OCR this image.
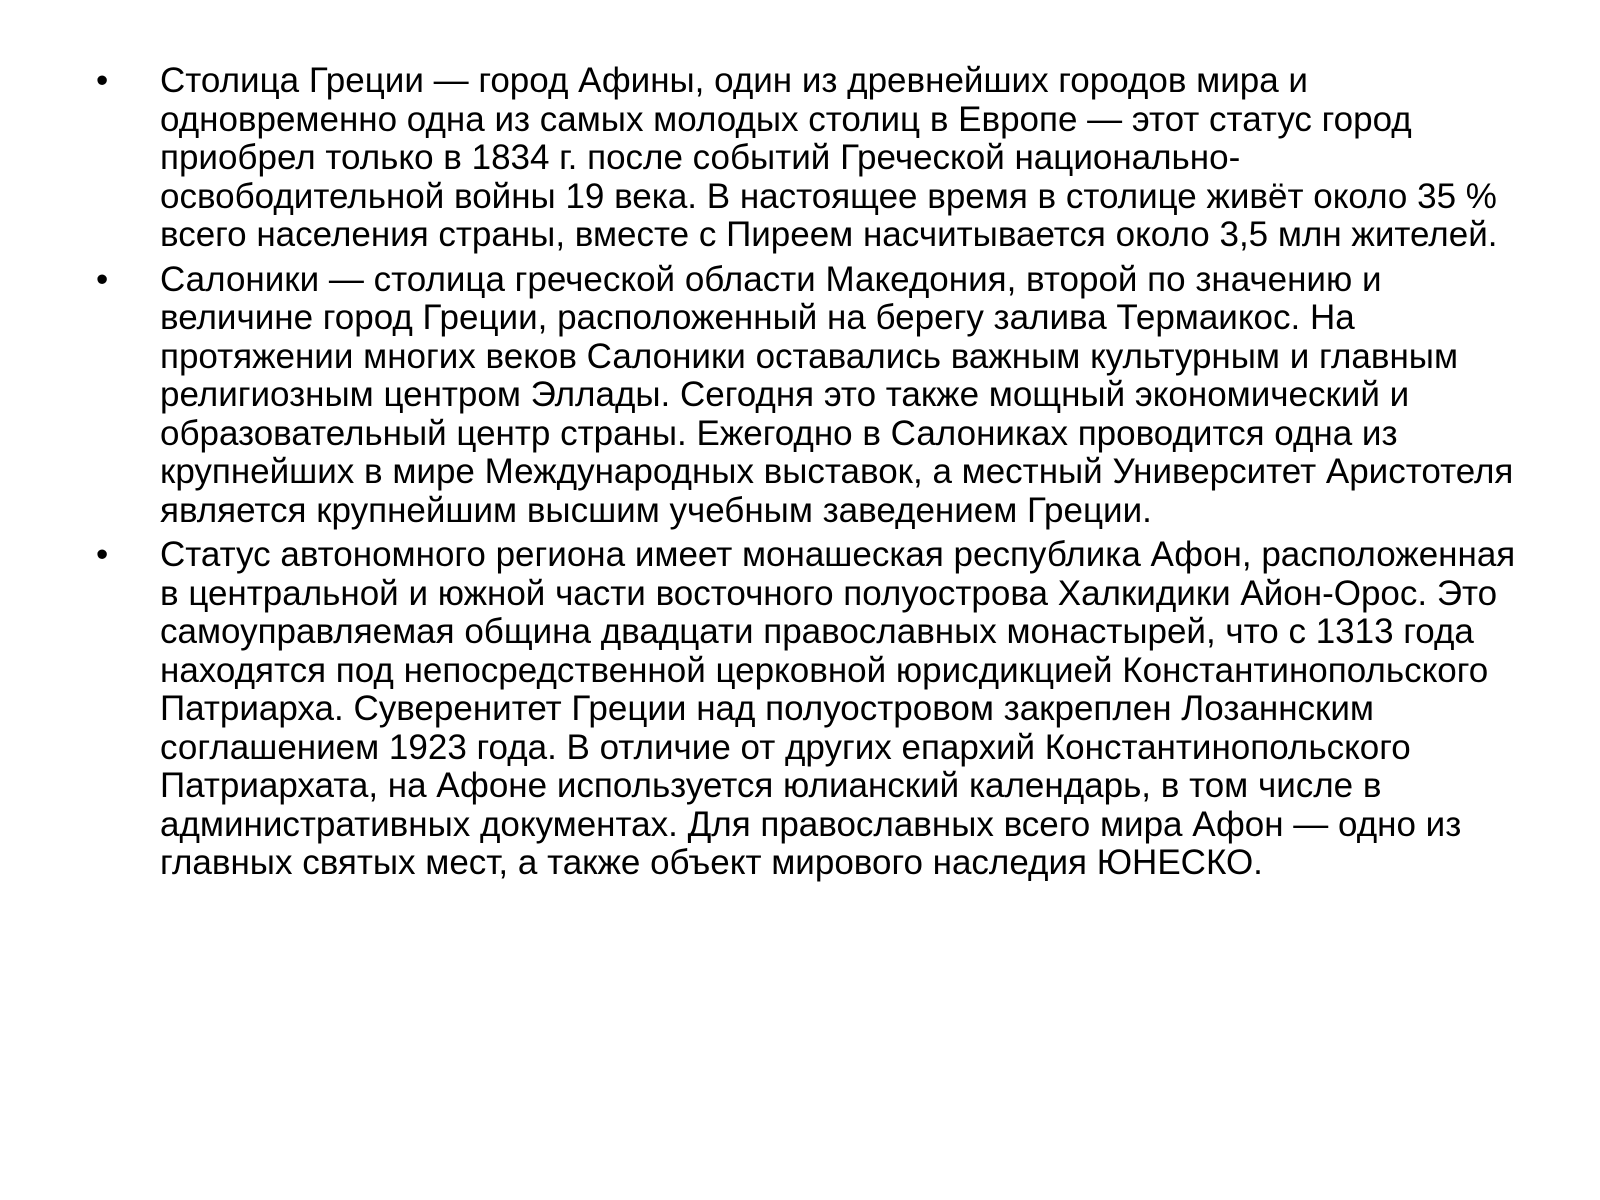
•	Столица Греции — город Афины, один из древнейших городов мира и одновременно одна из самых молодых столиц в Европе — этот статус город приобрел только в 1834 г. после событий Греческой национально-освободительной войны 19 века. В настоящее время в столице живёт около 35 % всего населения страны, вместе с Пиреем насчитывается около 3,5 млн жителей.
•	Салоники — столица греческой области Македония, второй по значению и величине город Греции, расположенный на берегу залива Термаикос. На протяжении многих веков Салоники оставались важным культурным и главным религиозным центром Эллады. Сегодня это также мощный экономический и образовательный центр страны. Ежегодно в Салониках проводится одна из крупнейших в мире Международных выставок, а местный Университет Аристотеля является крупнейшим высшим учебным заведением Греции.
•	Статус автономного региона имеет монашеская республика Афон, расположенная в центральной и южной части восточного полуострова Халкидики Айон-Орос. Это самоуправляемая община двадцати православных монастырей, что с 1313 года находятся под непосредственной церковной юрисдикцией Константинопольского Патриарха. Суверенитет Греции над полуостровом закреплен Лозаннским соглашением 1923 года. В отличие от других епархий Константинопольского Патриархата, на Афоне используется юлианский календарь, в том числе в административных документах. Для православных всего мира Афон — одно из главных святых мест, а также объект мирового наследия ЮНЕСКО.
